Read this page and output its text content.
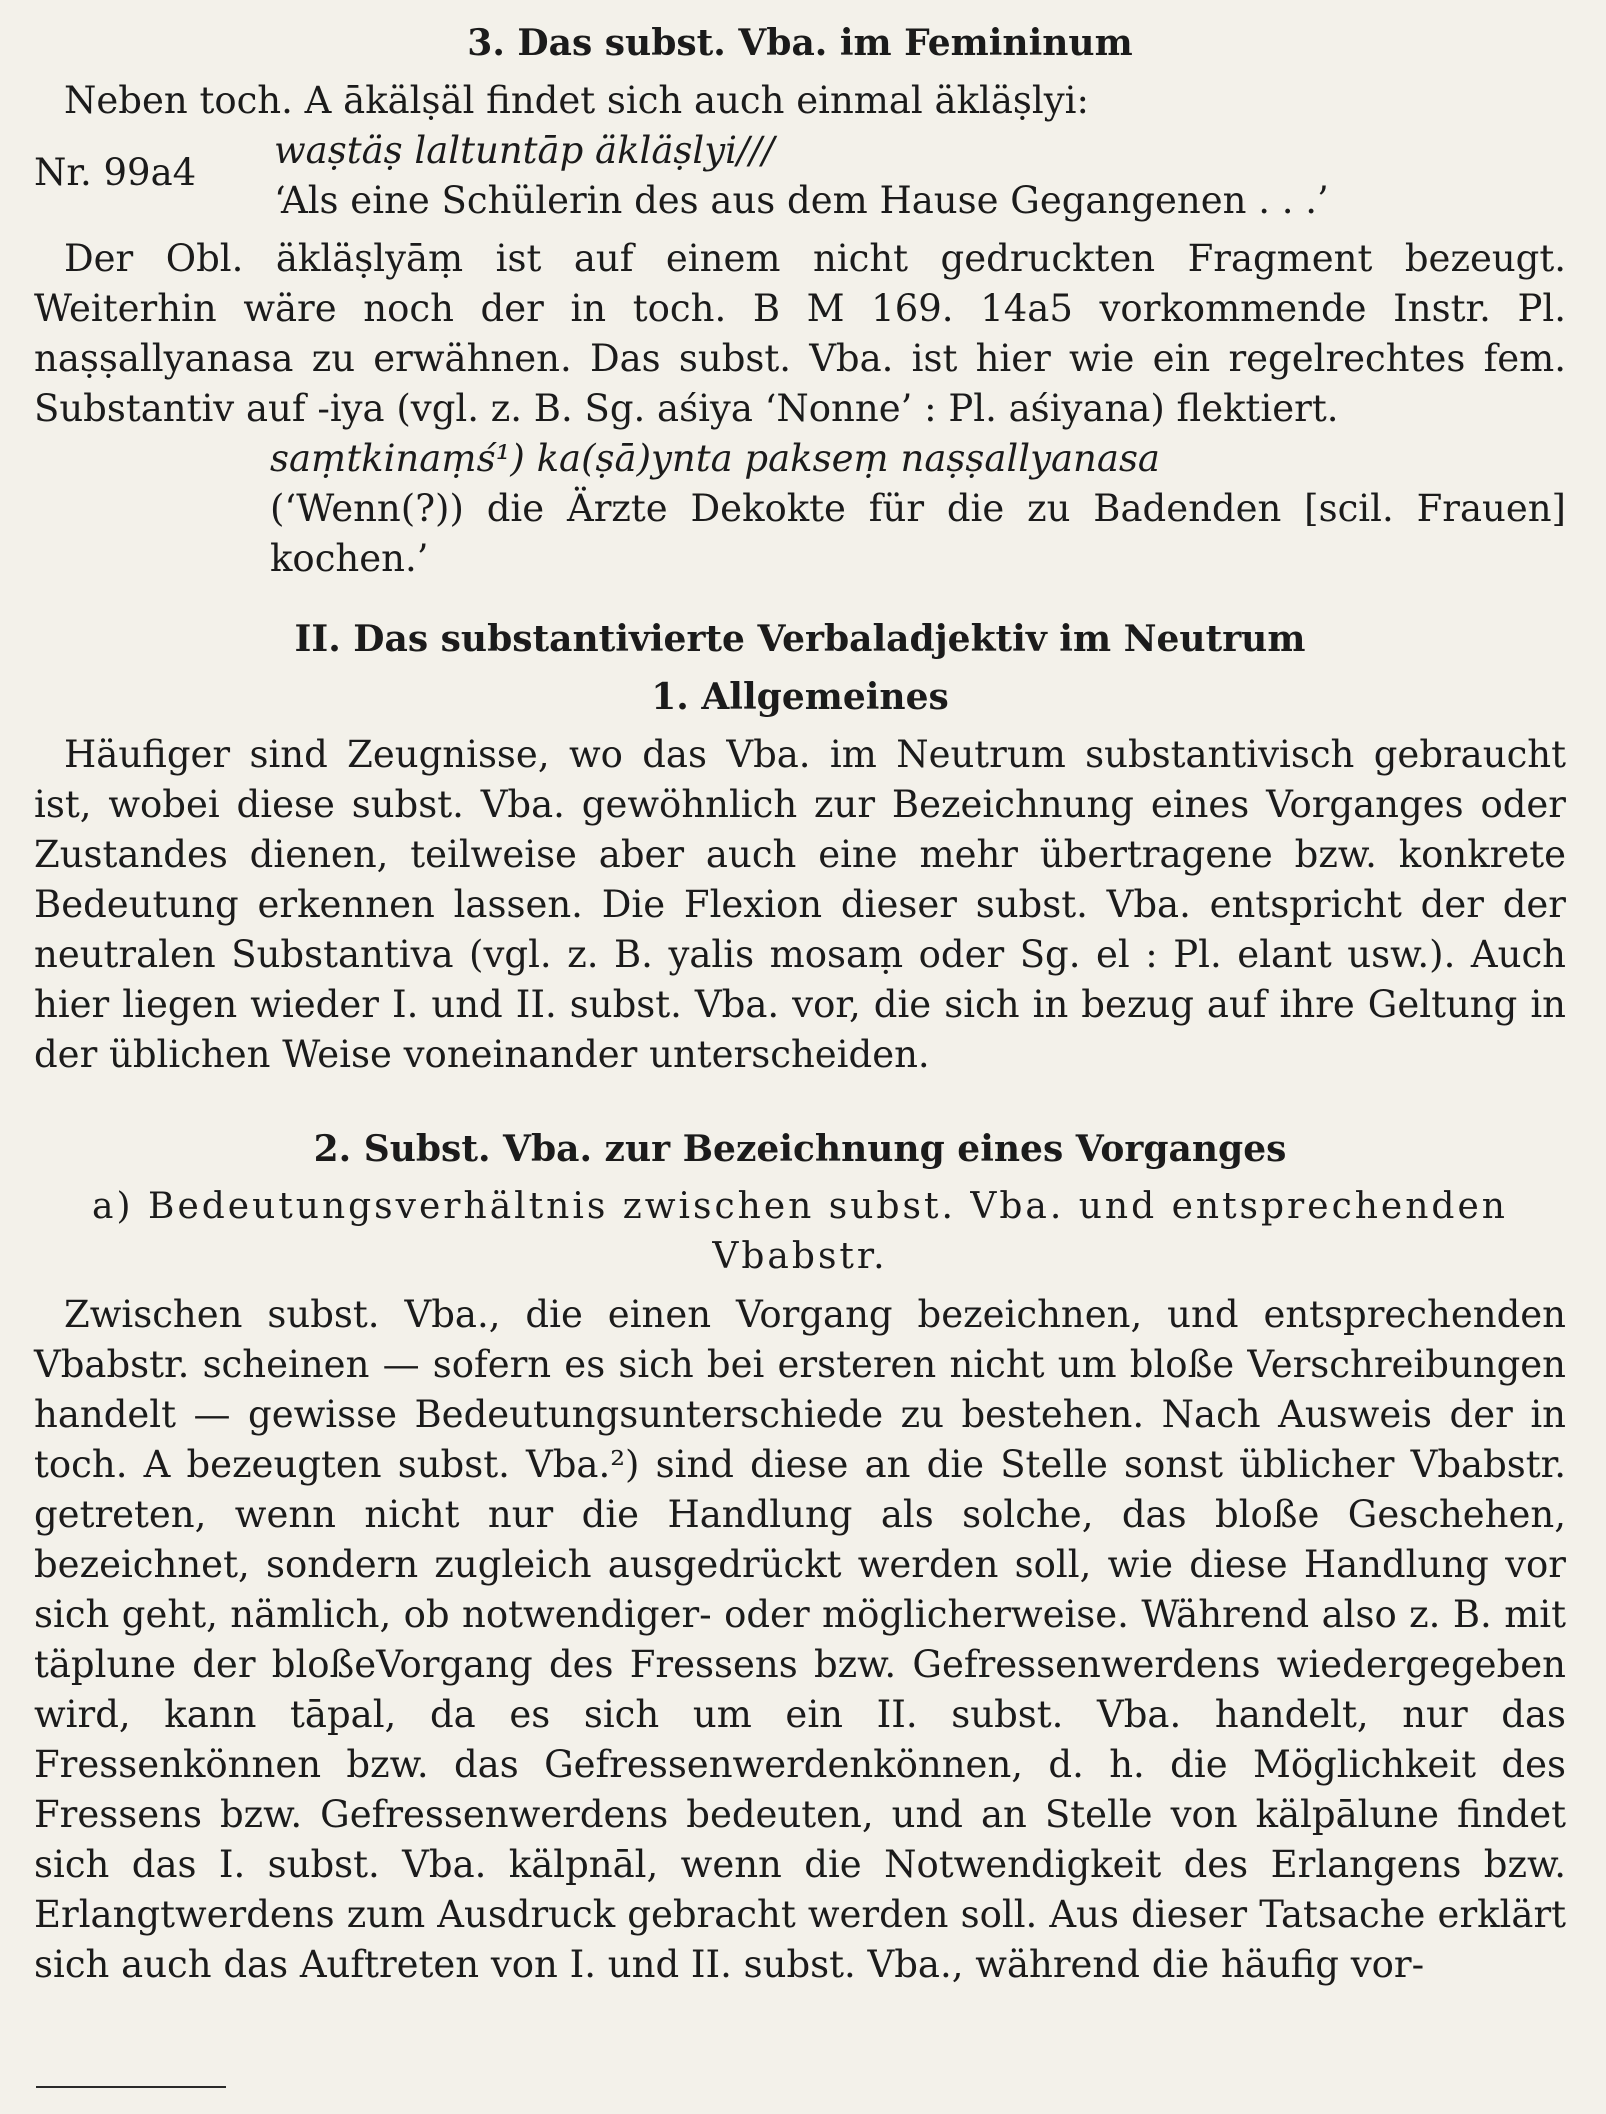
3. Das subst. Vba. im Femininum

Neben toch. A ākälṣäl findet sich auch einmal äkläṣlyi:

Nr. 99a4
waṣtäṣ laltuntāp äkläṣlyi///
‘Als eine Schülerin des aus dem Hause Gegangenen . . .’

Der Obl. äkläṣlyāṃ ist auf einem nicht gedruckten Fragment bezeugt. Weiterhin wäre noch der in toch. B M 169. 14a5 vorkommende Instr. Pl. naṣṣallyanasa zu erwähnen. Das subst. Vba. ist hier wie ein regelrechtes fem. Substantiv auf -iya (vgl. z. B. Sg. aśiya ‘Nonne’ : Pl. aśiyana) flektiert.

saṃtkinaṃś¹) ka(ṣā)ynta pakseṃ naṣṣallyanasa
(‘Wenn(?)) die Ärzte Dekokte für die zu Badenden [scil. Frauen] kochen.’
II. Das substantivierte Verbaladjektiv im Neutrum
1. Allgemeines

Häufiger sind Zeugnisse, wo das Vba. im Neutrum substantivisch gebraucht ist, wobei diese subst. Vba. gewöhnlich zur Bezeichnung eines Vorganges oder Zustandes dienen, teilweise aber auch eine mehr übertragene bzw. konkrete Bedeutung erkennen lassen. Die Flexion dieser subst. Vba. entspricht der der neutralen Substantiva (vgl. z. B. yalis mosaṃ oder Sg. el : Pl. elant usw.). Auch hier liegen wieder I. und II. subst. Vba. vor, die sich in bezug auf ihre Geltung in der üblichen Weise voneinander unterscheiden.

2. Subst. Vba. zur Bezeichnung eines Vorganges
a) Bedeutungsverhältnis zwischen subst. Vba. und entsprechenden Vbabstr.

Zwischen subst. Vba., die einen Vorgang bezeichnen, und entsprechenden Vbabstr. scheinen — sofern es sich bei ersteren nicht um bloße Verschreibungen handelt — gewisse Bedeutungsunterschiede zu bestehen. Nach Ausweis der in toch. A bezeugten subst. Vba.²) sind diese an die Stelle sonst üblicher Vbabstr. getreten, wenn nicht nur die Handlung als solche, das bloße Geschehen, bezeichnet, sondern zugleich ausgedrückt werden soll, wie diese Handlung vor sich geht, nämlich, ob notwendiger- oder möglicherweise. Während also z. B. mit täplune der bloßeVorgang des Fressens bzw. Gefressenwerdens wiedergegeben wird, kann tāpal, da es sich um ein II. subst. Vba. handelt, nur das Fressenkönnen bzw. das Gefressenwerdenkönnen, d. h. die Möglichkeit des Fressens bzw. Gefressenwerdens bedeuten, und an Stelle von kälpālune findet sich das I. subst. Vba. kälpnāl, wenn die Notwendigkeit des Erlangens bzw. Erlangtwerdens zum Ausdruck gebracht werden soll. Aus dieser Tatsache erklärt sich auch das Auftreten von I. und II. subst. Vba., während die häufig vor-
